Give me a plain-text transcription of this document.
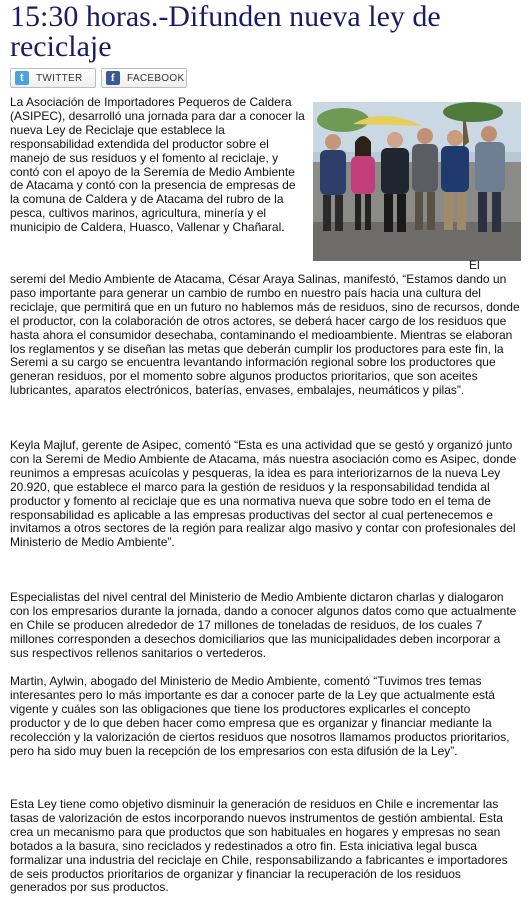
15:30 horas.-Difunden nueva ley de reciclaje
t	TWITTER	f	FACEBOOK
La Asociación de Importadores Pequeros de Caldera (ASIPEC), desarrolló una jornada para dar a conocer la nueva Ley de Reciclaje que establece la responsabilidad extendida del productor sobre el manejo de sus residuos y el fomento al reciclaje, y contó con el apoyo de la Seremía de Medio Ambiente de Atacama y contó con la presencia de empresas de la comuna de Caldera y de Atacama del rubro de la pesca, cultivos marinos, agricultura, minería y el municipio de Caldera, Huasco, Vallenar y Chañaral.
El
seremi del Medio Ambiente de Atacama, César Araya Salinas, manifestó, “Estamos dando un paso importante para generar un cambio de rumbo en nuestro país hacia una cultura del reciclaje, que permitirá que en un futuro no hablemos más de residuos, sino de recursos, donde el productor, con la colaboración de otros actores, se deberá hacer cargo de los residuos que hasta ahora el consumidor desechaba, contaminando el medioambiente. Mientras se elaboran los reglamentos y se diseñan las metas que deberán cumplir los productores para este fin, la Seremi a su cargo se encuentra levantando información regional sobre los productores que generan residuos, por el momento sobre algunos productos prioritarios, que son aceites lubricantes, aparatos electrónicos, baterías, envases, embalajes, neumáticos y pilas”.
Keyla Majluf, gerente de Asipec, comentó “Esta es una actividad que se gestó y organizó junto con la Seremi de Medio Ambiente de Atacama, más nuestra asociación como es Asipec, donde reunimos a empresas acuícolas y pesqueras, la idea es para interiorizarnos de la nueva Ley 20.920, que establece el marco para la gestión de residuos y la responsabilidad tendida al productor y fomento al reciclaje que es una normativa nueva que sobre todo en el tema de responsabilidad es aplicable a las empresas productivas del sector al cual pertenecemos e invitamos a otros sectores de la región para realizar algo masivo y contar con profesionales del Ministerio de Medio Ambiente”.
Especialistas del nivel central del Ministerio de Medio Ambiente dictaron charlas y dialogaron con los empresarios durante la jornada, dando a conocer algunos datos como que actualmente en Chile se producen alrededor de 17 millones de toneladas de residuos, de los cuales 7 millones corresponden a desechos domiciliarios que las municipalidades deben incorporar a sus respectivos rellenos sanitarios o vertederos.
Martin, Aylwin, abogado del Ministerio de Medio Ambiente, comentó “Tuvimos tres temas interesantes pero lo más importante es dar a conocer parte de la Ley que actualmente está vigente y cuáles son las obligaciones que tiene los productores explicarles el concepto productor y de lo que deben hacer como empresa que es organizar y financiar mediante la recolección y la valorización de ciertos residuos que nosotros llamamos productos prioritarios, pero ha sido muy buen la recepción de los empresarios con esta difusión de la Ley”.
Esta Ley tiene como objetivo disminuir la generación de residuos en Chile e incrementar las tasas de valorización de estos incorporando nuevos instrumentos de gestión ambiental. Esta crea un mecanismo para que productos que son habituales en hogares y empresas no sean botados a la basura, sino reciclados y redestinados a otro fin. Esta iniciativa legal busca formalizar una industria del reciclaje en Chile, responsabilizando a fabricantes e importadores de seis productos prioritarios de organizar y financiar la recuperación de los residuos generados por sus productos.
